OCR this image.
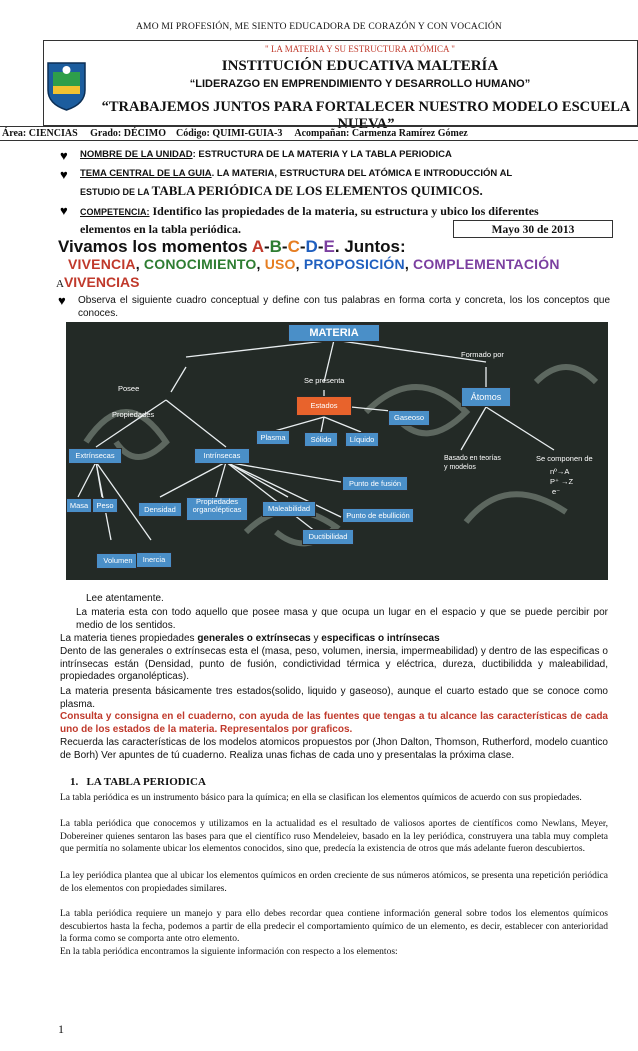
AMO MI PROFESIÓN, ME SIENTO EDUCADORA DE CORAZÓN Y CON VOCACIÓN
" LA MATERIA Y SU ESTRUCTURA ATÓMICA "
INSTITUCIÓN EDUCATIVA MALTERÍA
“LIDERAZGO EN EMPRENDIMIENTO Y DESARROLLO HUMANO”
“TRABAJEMOS JUNTOS PARA FORTALECER NUESTRO MODELO ESCUELA NUEVA”
Área: CIENCIAS Grado: DÉCIMO Código: QUIMI-GUIA-3 Acompañan: Carmenza Ramírez Gómez
♥ NOMBRE DE LA UNIDAD: ESTRUCTURA DE LA MATERIA Y LA TABLA PERIODICA
♥ TEMA CENTRAL DE LA GUIA. LA MATERIA, ESTRUCTURA DEL ATÓMICA E INTRODUCCIÓN AL
ESTUDIO DE LA TABLA PERIÓDICA DE LOS ELEMENTOS QUIMICOS.
♥ COMPETENCIA: Identifico las propiedades de la materia, su estructura y ubico los diferentes
elementos en la tabla periódica.	Mayo 30 de 2013
Vivamos los momentos A-B-C-D-E. Juntos:
VIVENCIA, CONOCIMIENTO, USO, PROPOSICIÓN, COMPLEMENTACIÓN
AVIVENCIAS
♥ Observa el siguiente cuadro conceptual y define con tus palabras en forma corta y concreta, los los conceptos que conoces.
MATERIA
Posee
Propiedades
Se presenta
Formado por
Estados
Gaseoso
Plasma	Sólido	Líquido
Átomos
Extrínsecas	Intrínsecas
Masa	Peso	Densidad
Propiedades organolépticas	Maleabilidad
Punto de fusión
Punto de ebullición
Ductibilidad
Volumen	Inercia
Basado en teorías y modelos
Se componen de
nº→A
P⁺ →Z
e⁻
Lee atentamente.
La materia esta con todo aquello que posee masa y que ocupa un lugar en el espacio y que se puede percibir por medio de los sentidos.
La materia tienes propiedades generales o extrínsecas y especificas o intrínsecas
Dento de las generales o extrínsecas esta el (masa, peso, volumen, inersia, impermeabilidad) y dentro de las especificas o intrínsecas están (Densidad, punto de fusión, condictividad térmica y eléctrica, dureza, ductibilidda y maleabilidad, propiedades organolépticas).
La materia presenta básicamente tres estados(solido, liquido y gaseoso), aunque el cuarto estado que se conoce como plasma.
Consulta y consigna en el cuaderno, con ayuda de las fuentes que tengas a tu alcance las características de cada uno de los estados de la materia. Representalos por graficos.
Recuerda las características de los modelos atomicos propuestos por (Jhon Dalton, Thomson, Rutherford, modelo cuantico de Borh) Ver apuntes de tú cuaderno. Realiza unas fichas de cada uno y presentalas la próxima clase.
1. LA TABLA PERIODICA
La tabla periódica es un instrumento básico para la química; en ella se clasifican los elementos químicos de acuerdo con sus propiedades.
La tabla periódica que conocemos y utilizamos en la actualidad es el resultado de valiosos aportes de científicos como Newlans, Meyer, Dobereiner quienes sentaron las bases para que el científico ruso Mendeleiev, basado en la ley periódica, construyera una tabla muy completa que permitía no solamente ubicar los elementos conocidos, sino que, predecía la existencia de otros que más adelante fueron descubiertos.
La ley periódica plantea que al ubicar los elementos químicos en orden creciente de sus números atómicos, se presenta una repetición periódica de los elementos con propiedades similares.
La tabla periódica requiere un manejo y para ello debes recordar quea contiene información general sobre todos los elementos químicos descubiertos hasta la fecha, podemos a partir de ella predecir el comportamiento químico de un elemento, es decir, establecer con anterioridad la forma como se comporta ante otro elemento.
En la tabla periódica encontramos la siguiente información con respecto a los elementos:
1
